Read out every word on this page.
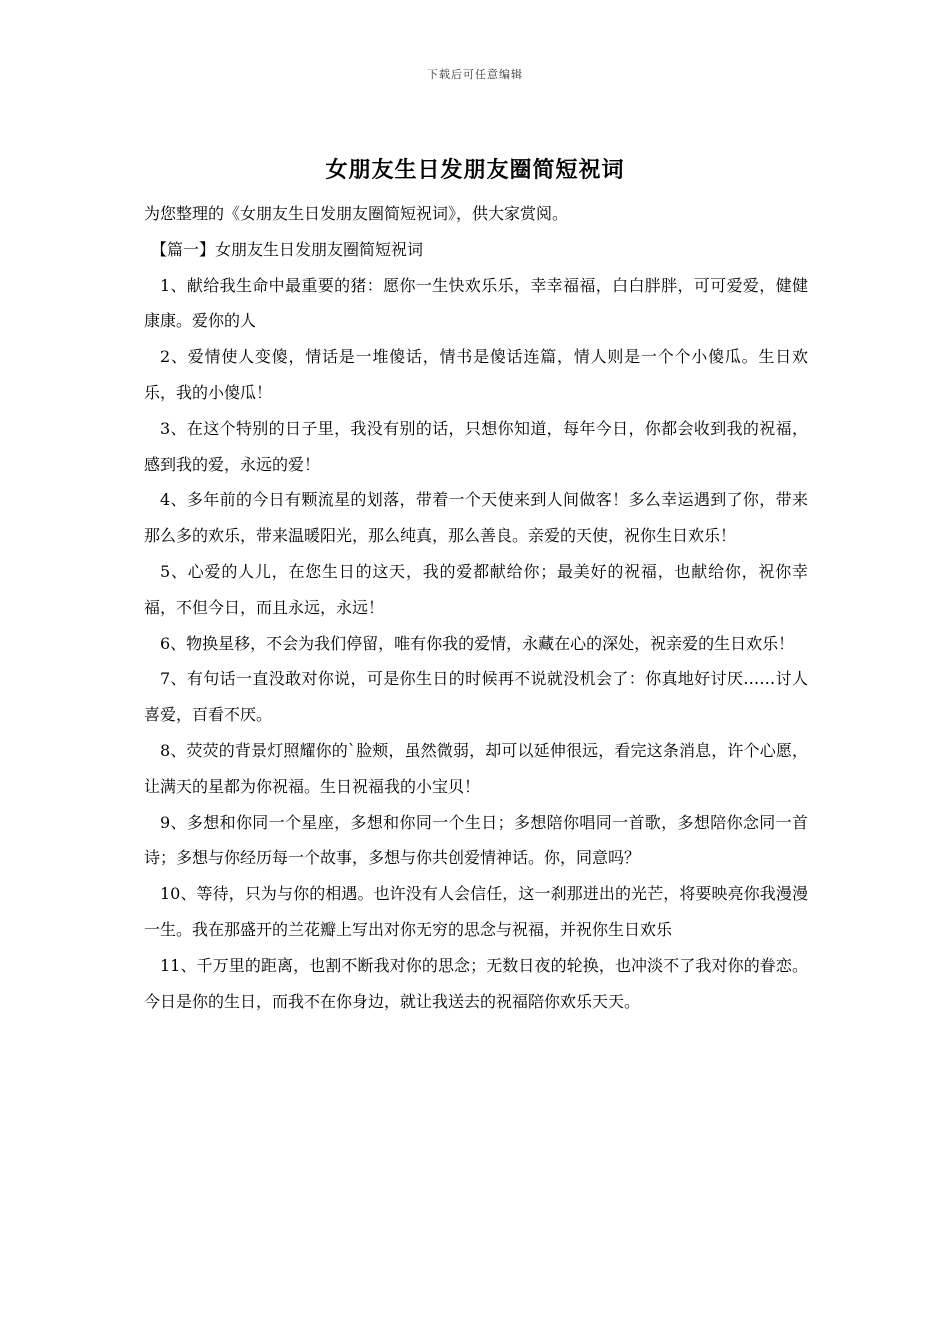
下载后可任意编辑
女朋友生日发朋友圈简短祝词

为您整理的《女朋友生日发朋友圈简短祝词》，供大家赏阅。

【篇一】女朋友生日发朋友圈简短祝词

1、献给我生命中最重要的猪：愿你一生快欢乐乐，幸幸福福，白白胖胖，可可爱爱，健健康康。爱你的人

2、爱情使人变傻，情话是一堆傻话，情书是傻话连篇，情人则是一个个小傻瓜。生日欢乐，我的小傻瓜！

3、在这个特别的日子里，我没有别的话，只想你知道，每年今日，你都会收到我的祝福，感到我的爱，永远的爱！

4、多年前的今日有颗流星的划落，带着一个天使来到人间做客！多么幸运遇到了你，带来那么多的欢乐，带来温暖阳光，那么纯真，那么善良。亲爱的天使，祝你生日欢乐！

5、心爱的人儿，在您生日的这天，我的爱都献给你；最美好的祝福，也献给你，祝你幸福，不但今日，而且永远，永远！

6、物换星移，不会为我们停留，唯有你我的爱情，永藏在心的深处，祝亲爱的生日欢乐！

7、有句话一直没敢对你说，可是你生日的时候再不说就没机会了：你真地好讨厌……讨人喜爱，百看不厌。

8、荧荧的背景灯照耀你的`脸颊，虽然微弱，却可以延伸很远，看完这条消息，许个心愿，让满天的星都为你祝福。生日祝福我的小宝贝！

9、多想和你同一个星座，多想和你同一个生日；多想陪你唱同一首歌，多想陪你念同一首诗；多想与你经历每一个故事，多想与你共创爱情神话。你，同意吗？

10、等待，只为与你的相遇。也许没有人会信任，这一刹那迸出的光芒，将要映亮你我漫漫一生。我在那盛开的兰花瓣上写出对你无穷的思念与祝福，并祝你生日欢乐

11、千万里的距离，也割不断我对你的思念；无数日夜的轮换，也冲淡不了我对你的眷恋。今日是你的生日，而我不在你身边，就让我送去的祝福陪你欢乐天天。
